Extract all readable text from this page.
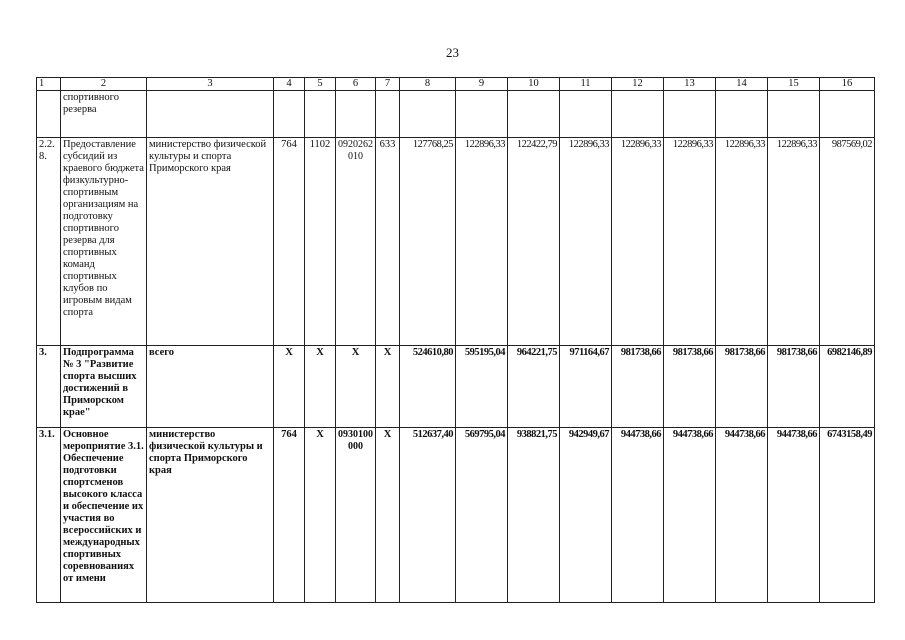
23
1	2	3	4	5	6	7	8	9	10	11	12	13	14	15	16
	спортивного резерва														
2.2.8.	Предоставление субсидий из краевого бюджета физкультурно-спортивным организациям на подготовку спортивного резерва для спортивных команд спортивных клубов по игровым видам спорта	министерство физической культуры и спорта Приморского края	764	1102	0920262 010	633	127768,25	122896,33	122422,79	122896,33	122896,33	122896,33	122896,33	122896,33	987569,02
3.	Подпрограмма № 3 "Развитие спорта высших достижений в Приморском крае"	всего	Х	Х	Х	Х	524610,80	595195,04	964221,75	971164,67	981738,66	981738,66	981738,66	981738,66	6982146,89
3.1.	Основное мероприятие 3.1. Обеспечение подготовки спортсменов высокого класса и обеспечение их участия во всероссийских и международных спортивных соревнованиях от имени	министерство физической культуры и спорта Приморского края	764	Х	0930100 000	Х	512637,40	569795,04	938821,75	942949,67	944738,66	944738,66	944738,66	944738,66	6743158,49
